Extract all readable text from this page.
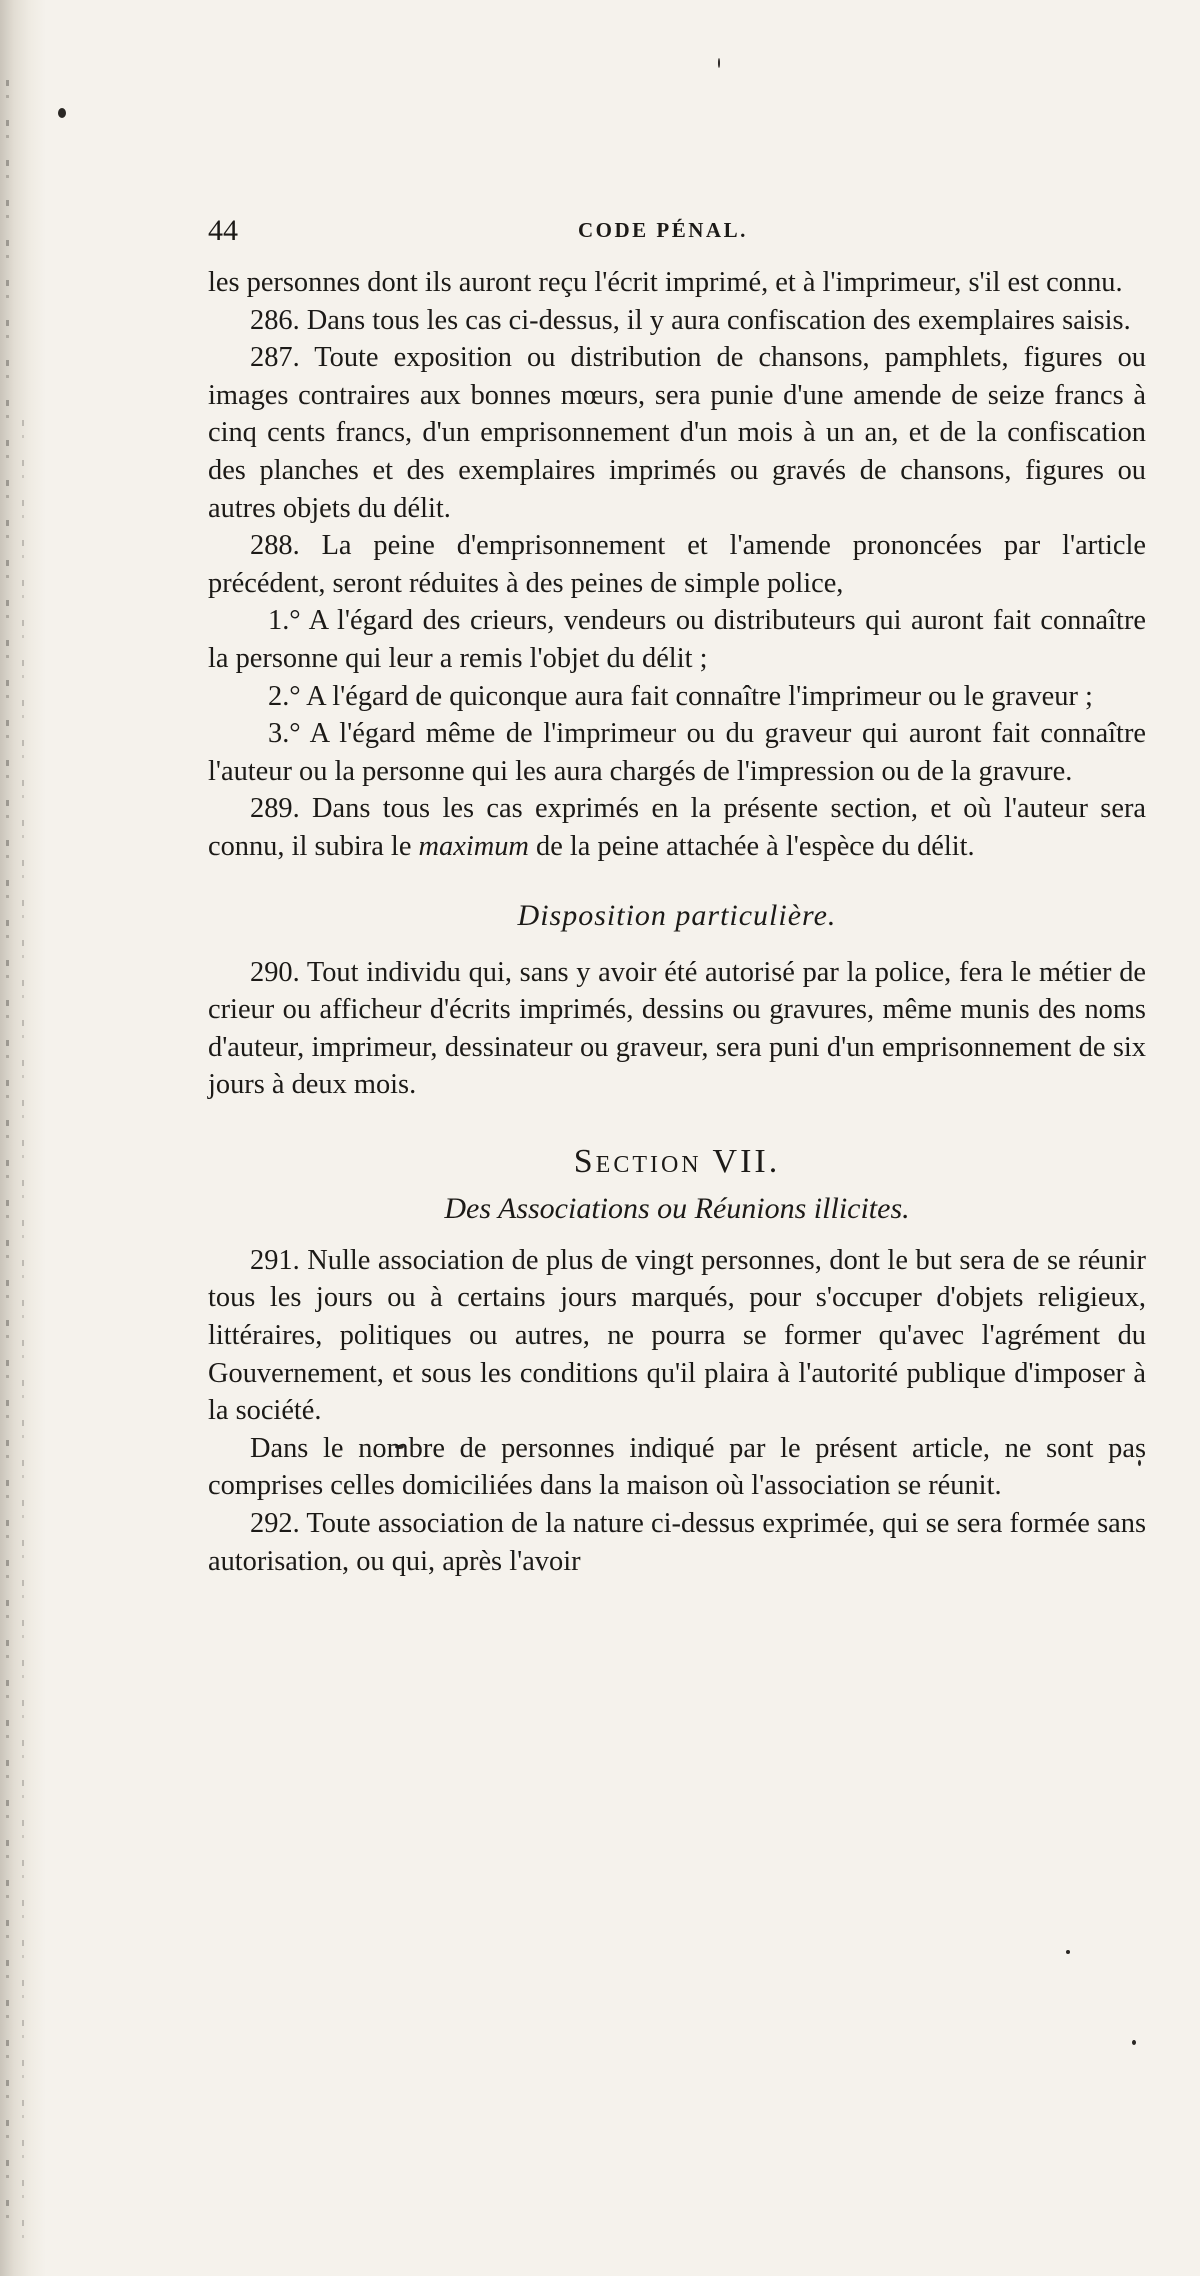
44	CODE PÉNAL.

les personnes dont ils auront reçu l'écrit imprimé, et à l'imprimeur, s'il est connu.

286. Dans tous les cas ci-dessus, il y aura confiscation des exemplaires saisis.

287. Toute exposition ou distribution de chansons, pamphlets, figures ou images contraires aux bonnes mœurs, sera punie d'une amende de seize francs à cinq cents francs, d'un emprisonnement d'un mois à un an, et de la confiscation des planches et des exemplaires imprimés ou gravés de chansons, figures ou autres objets du délit.

288. La peine d'emprisonnement et l'amende prononcées par l'article précédent, seront réduites à des peines de simple police,

1.° A l'égard des crieurs, vendeurs ou distributeurs qui auront fait connaître la personne qui leur a remis l'objet du délit ;

2.° A l'égard de quiconque aura fait connaître l'imprimeur ou le graveur ;

3.° A l'égard même de l'imprimeur ou du graveur qui auront fait connaître l'auteur ou la personne qui les aura chargés de l'impression ou de la gravure.

289. Dans tous les cas exprimés en la présente section, et où l'auteur sera connu, il subira le maximum de la peine attachée à l'espèce du délit.

Disposition particulière.

290. Tout individu qui, sans y avoir été autorisé par la police, fera le métier de crieur ou afficheur d'écrits imprimés, dessins ou gravures, même munis des noms d'auteur, imprimeur, dessinateur ou graveur, sera puni d'un emprisonnement de six jours à deux mois.

Section VII.
Des Associations ou Réunions illicites.

291. Nulle association de plus de vingt personnes, dont le but sera de se réunir tous les jours ou à certains jours marqués, pour s'occuper d'objets religieux, littéraires, politiques ou autres, ne pourra se former qu'avec l'agrément du Gouvernement, et sous les conditions qu'il plaira à l'autorité publique d'imposer à la société.

Dans le nombre de personnes indiqué par le présent article, ne sont pas comprises celles domiciliées dans la maison où l'association se réunit.

292. Toute association de la nature ci-dessus exprimée, qui se sera formée sans autorisation, ou qui, après l'avoir
